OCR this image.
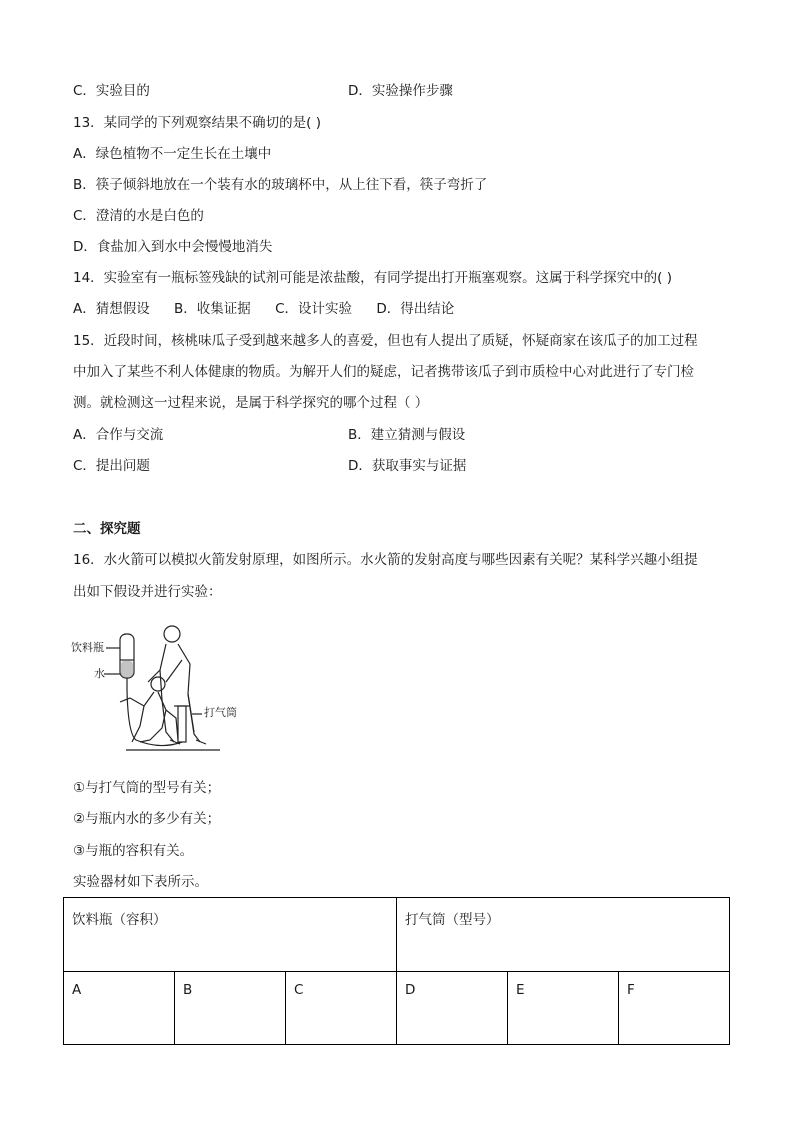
C．实验目的	D．实验操作步骤
13．某同学的下列观察结果不确切的是( )
A．绿色植物不一定生长在土壤中
B．筷子倾斜地放在一个装有水的玻璃杯中，从上往下看，筷子弯折了
C．澄清的水是白色的
D．食盐加入到水中会慢慢地消失
14．实验室有一瓶标签残缺的试剂可能是浓盐酸，有同学提出打开瓶塞观察。这属于科学探究中的( )
A．猜想假设 B．收集证据 C．设计实验 D．得出结论
15．近段时间，核桃味瓜子受到越来越多人的喜爱，但也有人提出了质疑，怀疑商家在该瓜子的加工过程
中加入了某些不利人体健康的物质。为解开人们的疑虑，记者携带该瓜子到市质检中心对此进行了专门检
测。就检测这一过程来说，是属于科学探究的哪个过程（ ）
A．合作与交流	B．建立猜测与假设
C．提出问题	D．获取事实与证据
二、探究题
16．水火箭可以模拟火箭发射原理，如图所示。水火箭的发射高度与哪些因素有关呢？某科学兴趣小组提
出如下假设并进行实验：
饮料瓶
水
打气筒
①与打气筒的型号有关；
②与瓶内水的多少有关；
③与瓶的容积有关。
实验器材如下表所示。
饮料瓶（容积）			打气筒（型号）		
A	B	C	D	E	F
